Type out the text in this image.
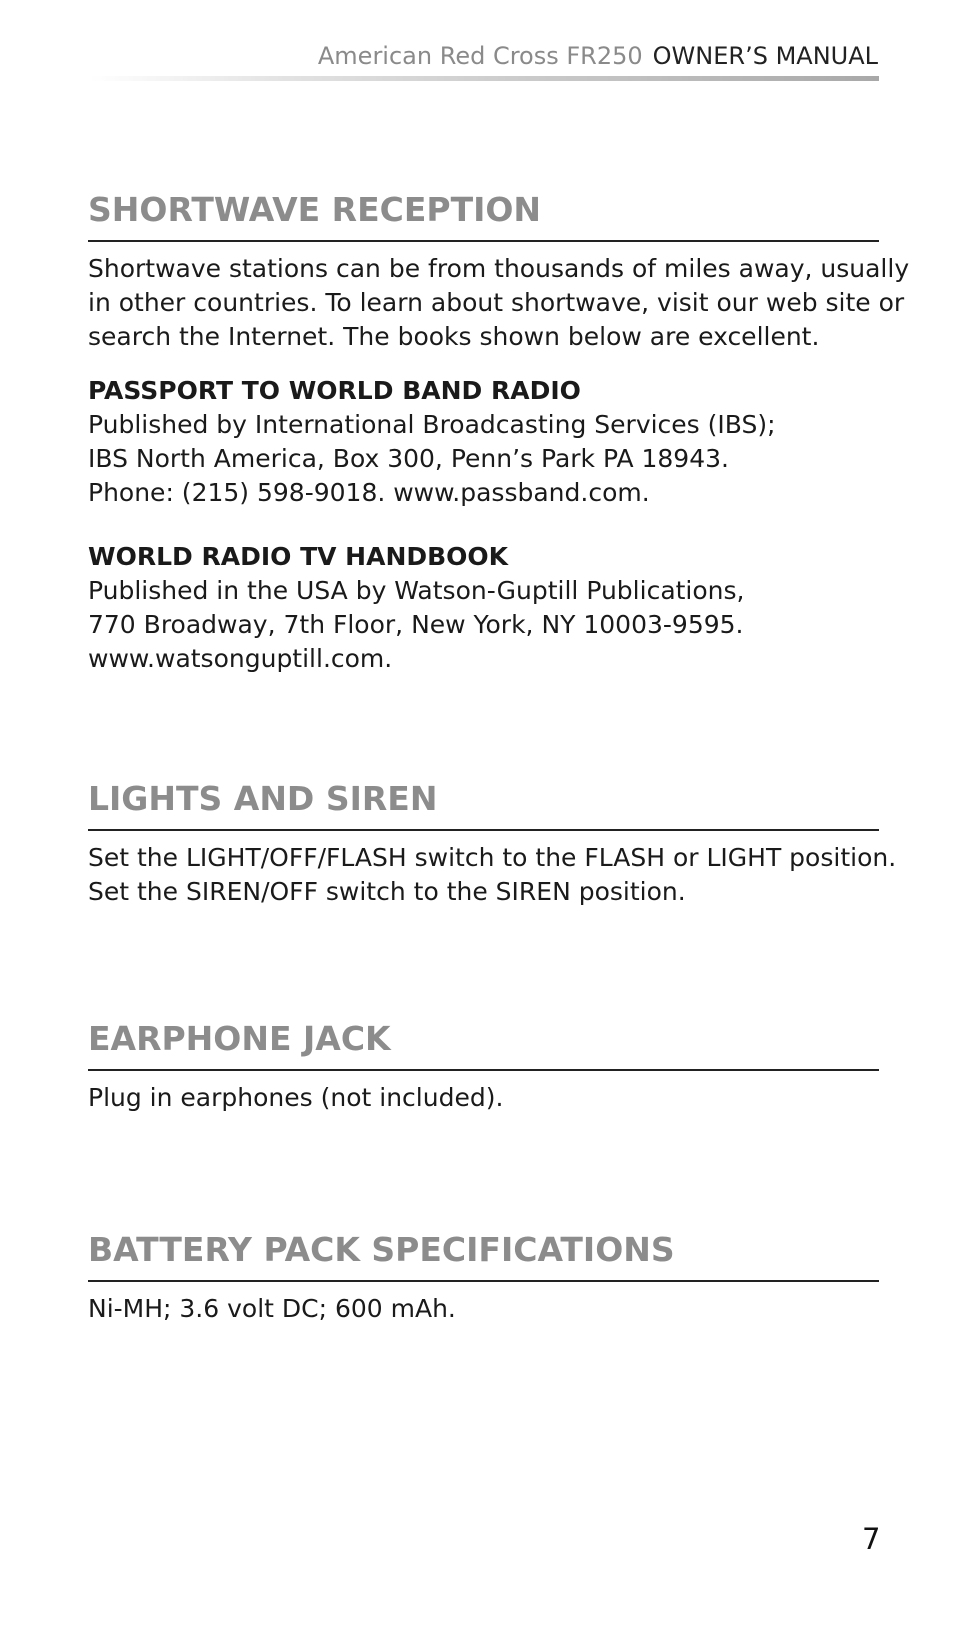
American Red Cross FR250 OWNER’S MANUAL
SHORTWAVE RECEPTION

Shortwave stations can be from thousands of miles away, usually
in other countries. To learn about shortwave, visit our web site or
search the Internet. The books shown below are excellent.

PASSPORT TO WORLD BAND RADIO
Published by International Broadcasting Services (IBS);
IBS North America, Box 300, Penn’s Park PA 18943.
Phone: (215) 598-9018. www.passband.com.
WORLD RADIO TV HANDBOOK
Published in the USA by Watson-Guptill Publications,
770 Broadway, 7th Floor, New York, NY 10003-9595.
www.watsonguptill.com.
LIGHTS AND SIREN

Set the LIGHT/OFF/FLASH switch to the FLASH or LIGHT position.
Set the SIREN/OFF switch to the SIREN position.

EARPHONE JACK

Plug in earphones (not included).

BATTERY PACK SPECIFICATIONS

Ni-MH; 3.6 volt DC; 600 mAh.

7
